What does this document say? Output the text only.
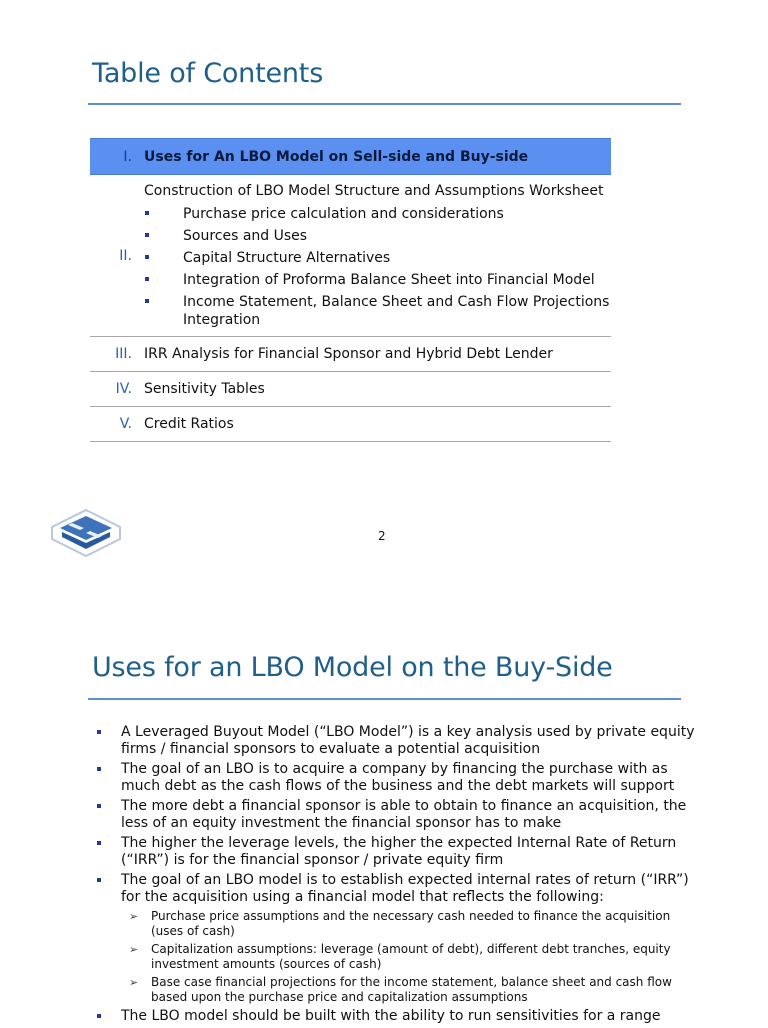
Table of Contents
I. Uses for An LBO Model on Sell-side and Buy-side
II.
Construction of LBO Model Structure and Assumptions Worksheet
Purchase price calculation and considerations
Sources and Uses
Capital Structure Alternatives
Integration of Proforma Balance Sheet into Financial Model
Income Statement, Balance Sheet and Cash Flow Projections Integration
III. IRR Analysis for Financial Sponsor and Hybrid Debt Lender
IV. Sensitivity Tables
V. Credit Ratios
2
Uses for an LBO Model on the Buy-Side
A Leveraged Buyout Model (“LBO Model”) is a key analysis used by private equity firms / financial sponsors to evaluate a potential acquisition
The goal of an LBO is to acquire a company by financing the purchase with as much debt as the cash flows of the business and the debt markets will support
The more debt a financial sponsor is able to obtain to finance an acquisition, the less of an equity investment the financial sponsor has to make
The higher the leverage levels, the higher the expected Internal Rate of Return (“IRR”) is for the financial sponsor / private equity firm
The goal of an LBO model is to establish expected internal rates of return (“IRR”) for the acquisition using a financial model that reflects the following:
➢ Purchase price assumptions and the necessary cash needed to finance the acquisition (uses of cash)
➢ Capitalization assumptions: leverage (amount of debt), different debt tranches, equity investment amounts (sources of cash)
➢ Base case financial projections for the income statement, balance sheet and cash flow based upon the purchase price and capitalization assumptions
The LBO model should be built with the ability to run sensitivities for a range
